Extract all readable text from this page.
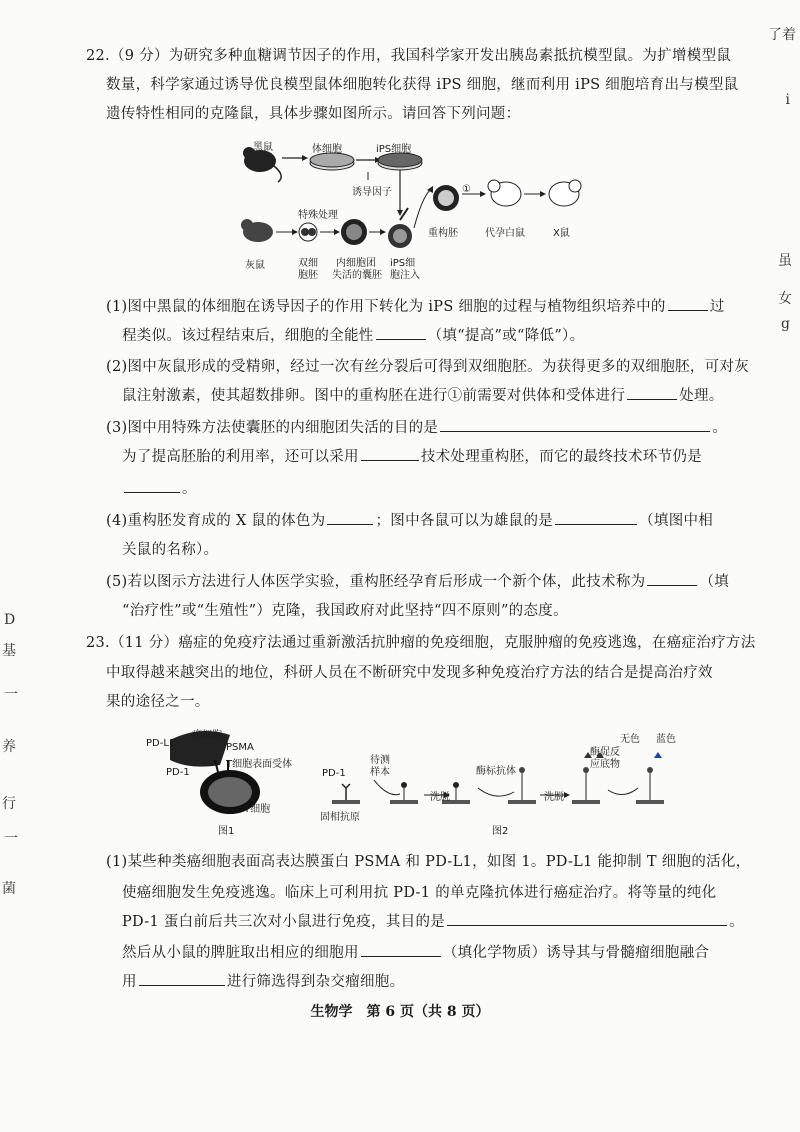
22.（9 分）为研究多种血糖调节因子的作用，我国科学家开发出胰岛素抵抗模型鼠。为扩增模型鼠
数量，科学家通过诱导优良模型鼠体细胞转化获得 iPS 细胞，继而利用 iPS 细胞培育出与模型鼠
遗传特性相同的克隆鼠，具体步骤如图所示。请回答下列问题：
黑鼠	体细胞	iPS细胞
诱导因子
特殊处理
灰鼠	双细
胞胚
内细胞团
失活的囊胚
iPS细
胞注入
重构胚
①
代孕白鼠	X鼠
(1)图中黑鼠的体细胞在诱导因子的作用下转化为 iPS 细胞的过程与植物组织培养中的	过
程类似。该过程结束后，细胞的全能性	（填“提高”或“降低”）。
(2)图中灰鼠形成的受精卵，经过一次有丝分裂后可得到双细胞胚。为获得更多的双细胞胚，可对灰
鼠注射激素，使其超数排卵。图中的重构胚在进行①前需要对供体和受体进行	处理。
(3)图中用特殊方法使囊胚的内细胞团失活的目的是	。
为了提高胚胎的利用率，还可以采用	技术处理重构胚，而它的最终技术环节仍是
。
(4)重构胚发育成的 X 鼠的体色为	；图中各鼠可以为雄鼠的是	（填图中相
关鼠的名称）。
(5)若以图示方法进行人体医学实验，重构胚经孕育后形成一个新个体，此技术称为	（填
“治疗性”或“生殖性”）克隆，我国政府对此坚持“四不原则”的态度。
23.（11 分）癌症的免疫疗法通过重新激活抗肿瘤的免疫细胞，克服肿瘤的免疫逃逸，在癌症治疗方法
中取得越来越突出的地位，科研人员在不断研究中发现多种免疫治疗方法的结合是提高治疗效
果的途径之一。
癌细胞
PD-L1	PSMA
T细胞表面受体
PD-1
T细胞
图1
PD-1
待测
样本	酶标抗体
洗脱	洗脱
酶促反
应底物
无色 蓝色
固相抗原
图2
(1)某些种类癌细胞表面高表达膜蛋白 PSMA 和 PD-L1，如图 1。PD-L1 能抑制 T 细胞的活化，
使癌细胞发生免疫逃逸。临床上可利用抗 PD-1 的单克隆抗体进行癌症治疗。将等量的纯化
PD-1 蛋白前后共三次对小鼠进行免疫，其目的是	。
然后从小鼠的脾脏取出相应的细胞用	（填化学物质）诱导其与骨髓瘤细胞融合
用	进行筛选得到杂交瘤细胞。
生物学　第 6 页（共 8 页）
了着
i
虽
女
g
D
基
一
养
行
一
菌
